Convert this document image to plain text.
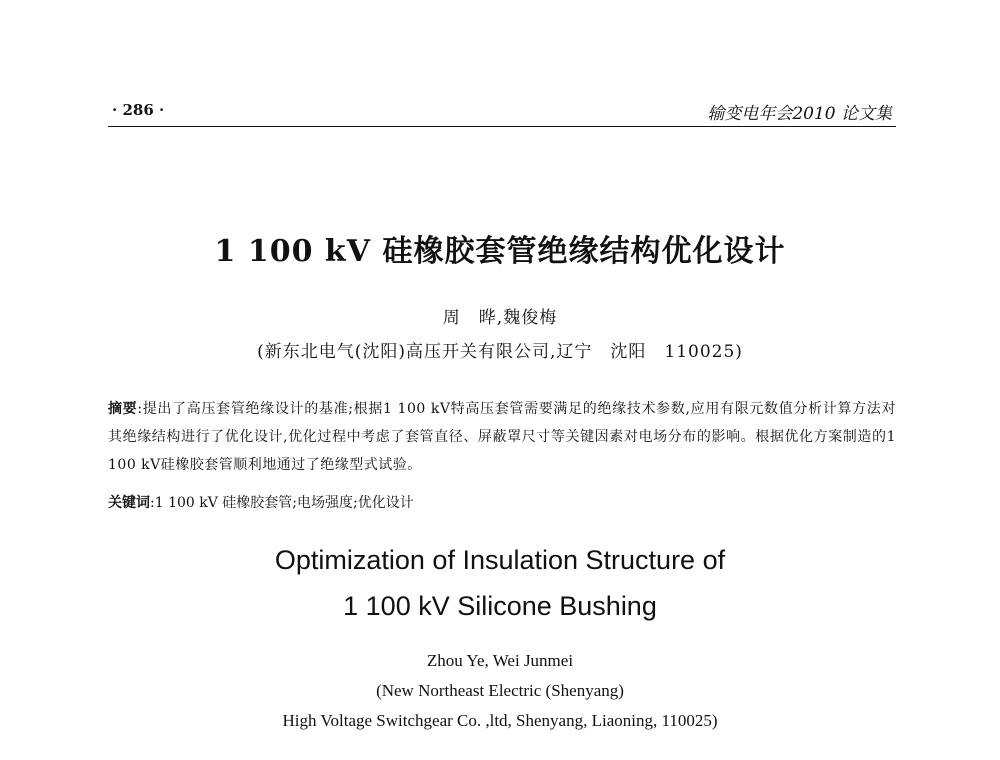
· 286 ·	输变电年会2010 论文集
1 100 kV 硅橡胶套管绝缘结构优化设计
周　晔,魏俊梅
(新东北电气(沈阳)高压开关有限公司,辽宁　沈阳　110025)
摘要:提出了高压套管绝缘设计的基准;根据1 100 kV特高压套管需要满足的绝缘技术参数,应用有限元数值分析计算方法对其绝缘结构进行了优化设计,优化过程中考虑了套管直径、屏蔽罩尺寸等关键因素对电场分布的影响。根据优化方案制造的1 100 kV硅橡胶套管顺利地通过了绝缘型式试验。
关键词:1 100 kV 硅橡胶套管;电场强度;优化设计
Optimization of Insulation Structure of
1 100 kV Silicone Bushing
Zhou Ye, Wei Junmei
(New Northeast Electric (Shenyang)
High Voltage Switchgear Co. ,ltd, Shenyang, Liaoning, 110025)
